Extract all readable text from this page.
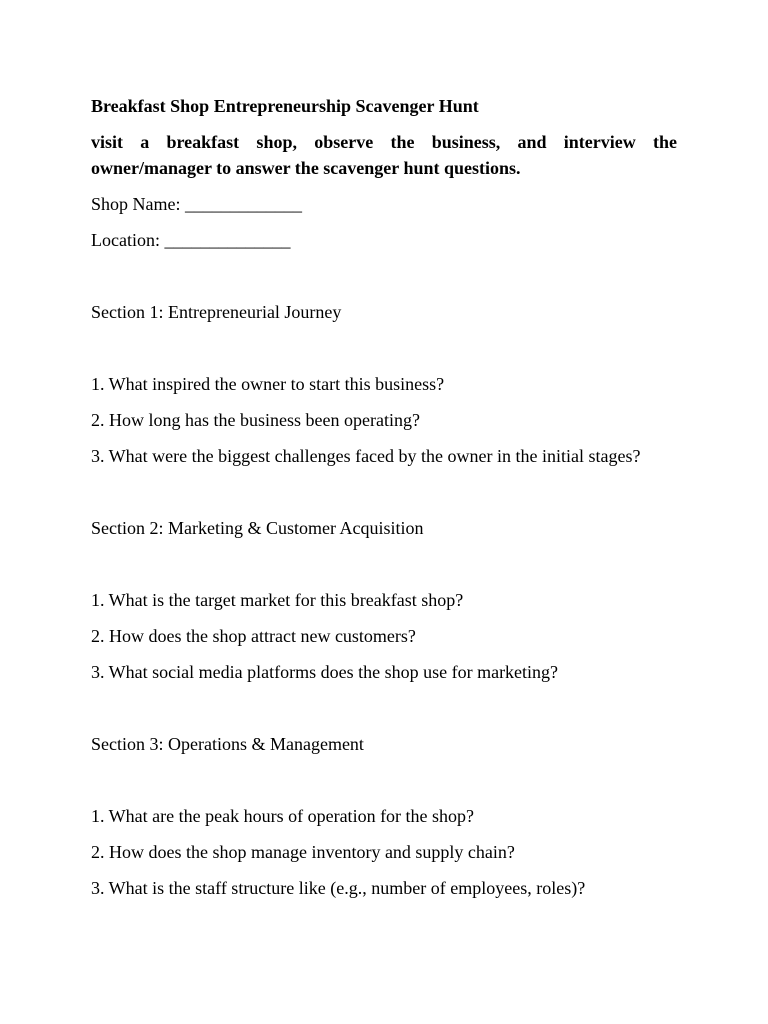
Breakfast Shop Entrepreneurship Scavenger Hunt
visit a breakfast shop, observe the business, and interview the owner/manager to answer the scavenger hunt questions.
Shop Name: _____________
Location: ______________
Section 1: Entrepreneurial Journey
1. What inspired the owner to start this business?
2. How long has the business been operating?
3. What were the biggest challenges faced by the owner in the initial stages?
Section 2: Marketing & Customer Acquisition
1. What is the target market for this breakfast shop?
2. How does the shop attract new customers?
3. What social media platforms does the shop use for marketing?
Section 3: Operations & Management
1. What are the peak hours of operation for the shop?
2. How does the shop manage inventory and supply chain?
3. What is the staff structure like (e.g., number of employees, roles)?
